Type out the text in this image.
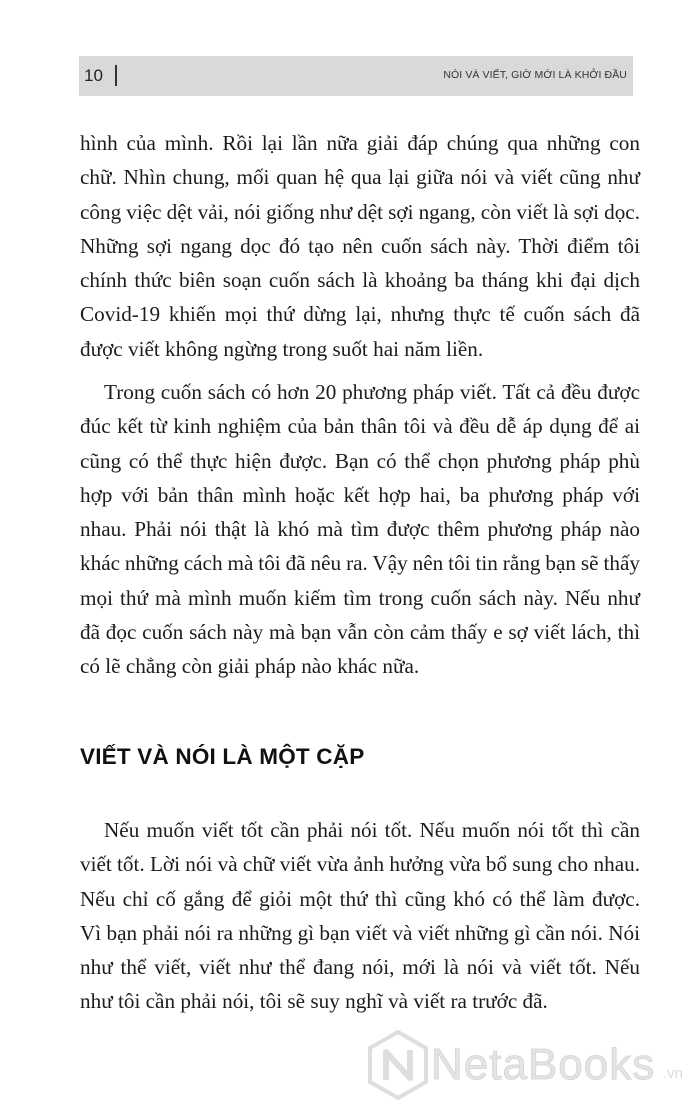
10	NÓI VÀ VIẾT, GIỜ MỚI LÀ KHỞI ĐẦU

hình của mình. Rồi lại lần nữa giải đáp chúng qua những con
chữ. Nhìn chung, mối quan hệ qua lại giữa nói và viết cũng như
công việc dệt vải, nói giống như dệt sợi ngang, còn viết là sợi dọc.
Những sợi ngang dọc đó tạo nên cuốn sách này. Thời điểm tôi
chính thức biên soạn cuốn sách là khoảng ba tháng khi đại dịch
Covid-19 khiến mọi thứ dừng lại, nhưng thực tế cuốn sách đã
được viết không ngừng trong suốt hai năm liền.

Trong cuốn sách có hơn 20 phương pháp viết. Tất cả đều được
đúc kết từ kinh nghiệm của bản thân tôi và đều dễ áp dụng để ai
cũng có thể thực hiện được. Bạn có thể chọn phương pháp phù
hợp với bản thân mình hoặc kết hợp hai, ba phương pháp với
nhau. Phải nói thật là khó mà tìm được thêm phương pháp nào
khác những cách mà tôi đã nêu ra. Vậy nên tôi tin rằng bạn sẽ thấy
mọi thứ mà mình muốn kiếm tìm trong cuốn sách này. Nếu như
đã đọc cuốn sách này mà bạn vẫn còn cảm thấy e sợ viết lách, thì
có lẽ chẳng còn giải pháp nào khác nữa.

VIẾT VÀ NÓI LÀ MỘT CẶP

Nếu muốn viết tốt cần phải nói tốt. Nếu muốn nói tốt thì cần
viết tốt. Lời nói và chữ viết vừa ảnh hưởng vừa bổ sung cho nhau.
Nếu chỉ cố gắng để giỏi một thứ thì cũng khó có thể làm được.
Vì bạn phải nói ra những gì bạn viết và viết những gì cần nói. Nói
như thể viết, viết như thể đang nói, mới là nói và viết tốt. Nếu
như tôi cần phải nói, tôi sẽ suy nghĩ và viết ra trước đã.

NetaBooks .vn
